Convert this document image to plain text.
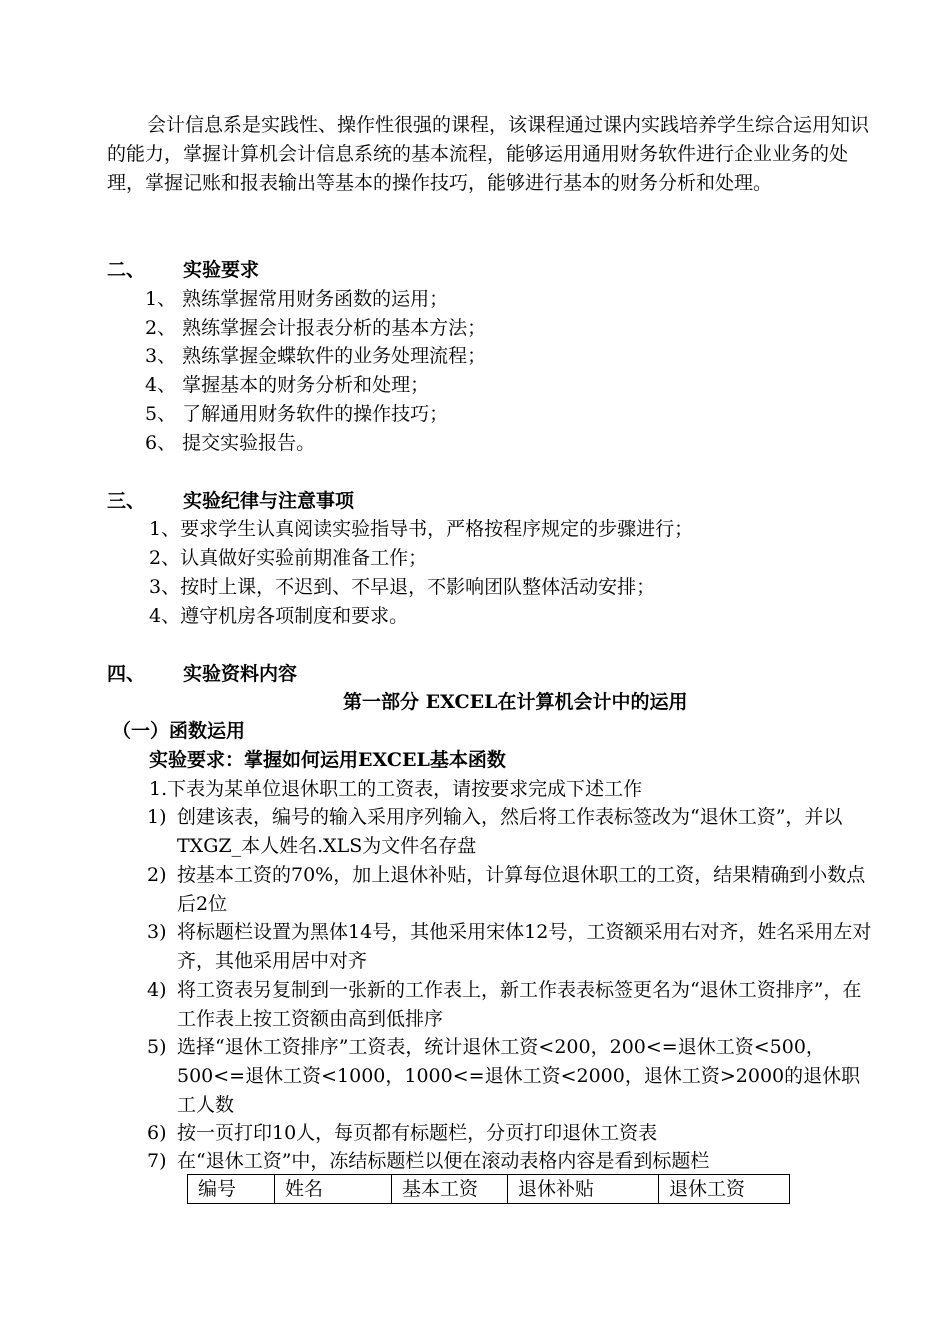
会计信息系是实践性、操作性很强的课程，该课程通过课内实践培养学生综合运用知识的能力，掌握计算机会计信息系统的基本流程，能够运用通用财务软件进行企业业务的处理，掌握记账和报表输出等基本的操作技巧，能够进行基本的财务分析和处理。
二、 实验要求
1、 熟练掌握常用财务函数的运用；
2、 熟练掌握会计报表分析的基本方法；
3、 熟练掌握金蝶软件的业务处理流程；
4、 掌握基本的财务分析和处理；
5、 了解通用财务软件的操作技巧；
6、 提交实验报告。
三、 实验纪律与注意事项
1、要求学生认真阅读实验指导书，严格按程序规定的步骤进行；
2、认真做好实验前期准备工作；
3、按时上课，不迟到、不早退，不影响团队整体活动安排；
4、遵守机房各项制度和要求。
四、 实验资料内容
第一部分 EXCEL在计算机会计中的运用
（一）函数运用
实验要求：掌握如何运用EXCEL基本函数
1.下表为某单位退休职工的工资表，请按要求完成下述工作
1) 创建该表，编号的输入采用序列输入，然后将工作表标签改为“退休工资”，并以TXGZ_本人姓名.XLS为文件名存盘
2) 按基本工资的70%，加上退休补贴，计算每位退休职工的工资，结果精确到小数点后2位
3) 将标题栏设置为黑体14号，其他采用宋体12号，工资额采用右对齐，姓名采用左对齐，其他采用居中对齐
4) 将工资表另复制到一张新的工作表上，新工作表表标签更名为“退休工资排序”，在工作表上按工资额由高到低排序
5) 选择“退休工资排序”工资表，统计退休工资<200，200<=退休工资<500，500<=退休工资<1000，1000<=退休工资<2000，退休工资>2000的退休职工人数
6) 按一页打印10人，每页都有标题栏，分页打印退休工资表
7) 在“退休工资”中，冻结标题栏以便在滚动表格内容是看到标题栏
编号	姓名	基本工资	退休补贴	退休工资
